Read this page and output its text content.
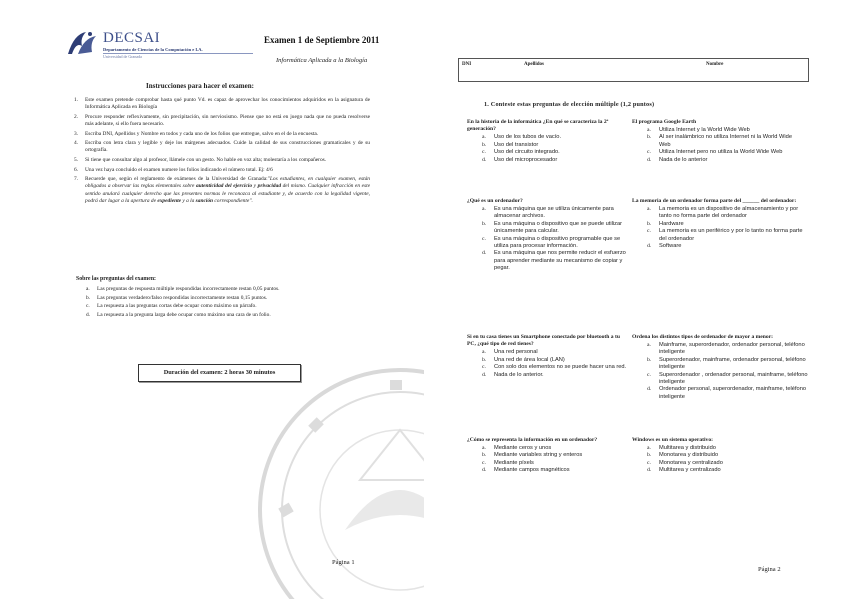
DECSAI
Departamento de Ciencias de la Computación e I.A.
Universidad de Granada
Examen 1 de Septiembre 2011
Informática Aplicada a la Biología
Instrucciones para hacer el examen:
1. Este examen pretende comprobar hasta qué punto Vd. es capaz de aprovechar los conocimientos adquiridos en la asignatura de Informática Aplicada en Biología
2. Procure responder reflexivamente, sin precipitación, sin nerviosismo. Piense que no está en juego nada que no pueda resolverse más adelante, si ello fuera necesario.
3. Escriba DNI, Apellidos y Nombre en todos y cada uno de los folios que entregue, salvo en el de la encuesta.
4. Escriba con letra clara y legible y deje los márgenes adecuados. Cuide la calidad de sus construcciones gramaticales y de su ortografía.
5. Si tiene que consultar algo al profesor, llámele con un gesto. No hable en voz alta; molestaría a los compañeros.
6. Una vez haya concluido el examen numere los folios indicando el número total. Ej: 4/6
7. Recuerde que, según el reglamento de exámenes de la Universidad de Granada:"Los estudiantes, en cualquier examen, están obligados a observar las reglas elementales sobre autenticidad del ejercicio y privacidad del mismo. Cualquier infracción en este sentido anulará cualquier derecho que las presentes normas le reconozca al estudiante y, de acuerdo con la legalidad vigente, podrá dar lugar a la apertura de expediente y a la sanción correspondiente".
Sobre las preguntas del examen:
a. Las preguntas de respuesta múltiple respondidas incorrectamente restan 0,05 puntos.
b. Las preguntas verdadero/falso respondidas incorrectamente restan 0,15 puntos.
c. La respuesta a las preguntas cortas debe ocupar como máximo un párrafo.
d. La respuesta a la pregunta larga debe ocupar como máximo una cara de un folio.
Duración del examen: 2 horas 30 minutos
Página 1
DNI	Apellidos	Nombre
1. Conteste estas preguntas de elección múltiple (1,2 puntos)
En la historia de la informática ¿En qué se caracteriza la 2ª generación?
a. Uso de los tubos de vacío.
b. Uso del transistor
c. Uso del circuito integrado.
d. Uso del microprocesador
El programa Google Earth
a. Utiliza Internet y la World Wide Web
b. Al ser inalámbrico no utiliza Internet ni la World Wide Web
c. Utiliza Internet pero no utiliza la World Wide Web
d. Nada de lo anterior
¿Qué es un ordenador?
a. Es una máquina que se utiliza únicamente para almacenar archivos.
b. Es una máquina o dispositivo que se puede utilizar únicamente para calcular.
c. Es una máquina o dispositivo programable que se utiliza para procesar información.
d. Es una máquina que nos permite reducir el esfuerzo para aprender mediante su mecanismo de copiar y pegar.
La memoria de un ordenador forma parte del ______ del ordenador:
a. La memoria es un dispositivo de almacenamiento y por tanto no forma parte del ordenador
b. Hardware
c. La memoria es un periférico y por lo tanto no forma parte del ordenador
d. Software
Si en tu casa tienes un Smartphone conectado por bluetooth a tu PC, ¿qué tipo de red tienes?
a. Una red personal
b. Una red de área local (LAN)
c. Con solo dos elementos no se puede hacer una red.
d. Nada de lo anterior.
Ordena los distintos tipos de ordenador de mayor a menor:
a. Mainframe, superordenador, ordenador personal, teléfono inteligente
b. Superordenador, mainframe, ordenador personal, teléfono inteligente
c. Superordenador , ordenador personal, mainframe, teléfono inteligente
d. Ordenador personal, superordenador, mainframe, teléfono inteligente
¿Cómo se representa la información en un ordenador?
a. Mediante ceros y unos
b. Mediante variables string y enteros
c. Mediante píxels
d. Mediante campos magnéticos
Windows es un sistema operativo:
a. Multitarea y distribuido
b. Monotarea y distribuido
c. Monotarea y centralizado
d. Multitarea y centralizado
Página 2
